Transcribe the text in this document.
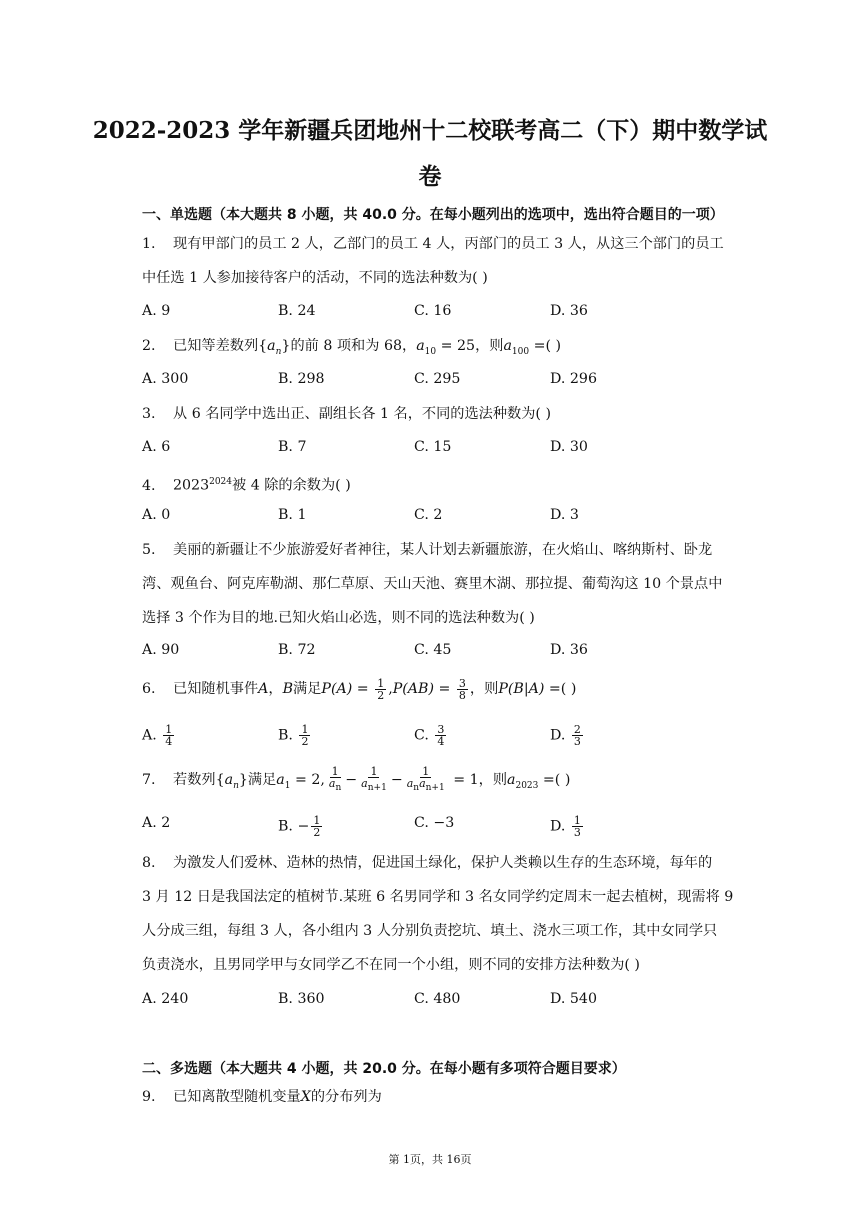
2022-2023 学年新疆兵团地州十二校联考高二（下）期中数学试
卷
一、单选题（本大题共 8 小题，共 40.0 分。在每小题列出的选项中，选出符合题目的一项）
1. 现有甲部门的员工 2 人，乙部门的员工 4 人，丙部门的员工 3 人，从这三个部门的员工
中任选 1 人参加接待客户的活动，不同的选法种数为( )
A. 9	B. 24	C. 16	D. 36
2. 已知等差数列$\{a_n\}$的前 8 项和为 68，$a_{10} = 25$，则$a_{100}$ =( )
A. 300	B. 298	C. 295	D. 296
3. 从 6 名同学中选出正、副组长各 1 名，不同的选法种数为( )
A. 6	B. 7	C. 15	D. 30
4. $2023^{2024}$被 4 除的余数为( )
A. 0	B. 1	C. 2	D. 3
5. 美丽的新疆让不少旅游爱好者神往，某人计划去新疆旅游，在火焰山、喀纳斯村、卧龙
湾、观鱼台、阿克库勒湖、那仁草原、天山天池、赛里木湖、那拉提、葡萄沟这 10 个景点中
选择 3 个作为目的地.已知火焰山必选，则不同的选法种数为( )
A. 90	B. 72	C. 45	D. 36
6. 已知随机事件A，B满足$P(A) = \frac{1}{2} ,P(AB) = \frac{3}{8}$ ，则P(B|A) =( )
A. $\frac{1}{4}$	B. $\frac{1}{2}$	C. $\frac{3}{4}$	D. $\frac{2}{3}$
7. 若数列$\{a_n\}$满足$a_1 = 2$, $\frac{1}{a_n} - \frac{1}{a_{n+1}} - \frac{1}{a_na_{n+1}} = 1$，则$a_{2023}$ =( )
A. 2	B. − $\frac{1}{2}$	C. −3	D. $\frac{1}{3}$
8. 为激发人们爱林、造林的热情，促进国土绿化，保护人类赖以生存的生态环境，每年的
3 月 12 日是我国法定的植树节.某班 6 名男同学和 3 名女同学约定周末一起去植树，现需将 9
人分成三组，每组 3 人，各小组内 3 人分别负责挖坑、填土、浇水三项工作，其中女同学只
负责浇水，且男同学甲与女同学乙不在同一个小组，则不同的安排方法种数为( )
A. 240	B. 360	C. 480	D. 540
二、多选题（本大题共 4 小题，共 20.0 分。在每小题有多项符合题目要求）
9. 已知离散型随机变量X的分布列为
第 1页，共 16页
